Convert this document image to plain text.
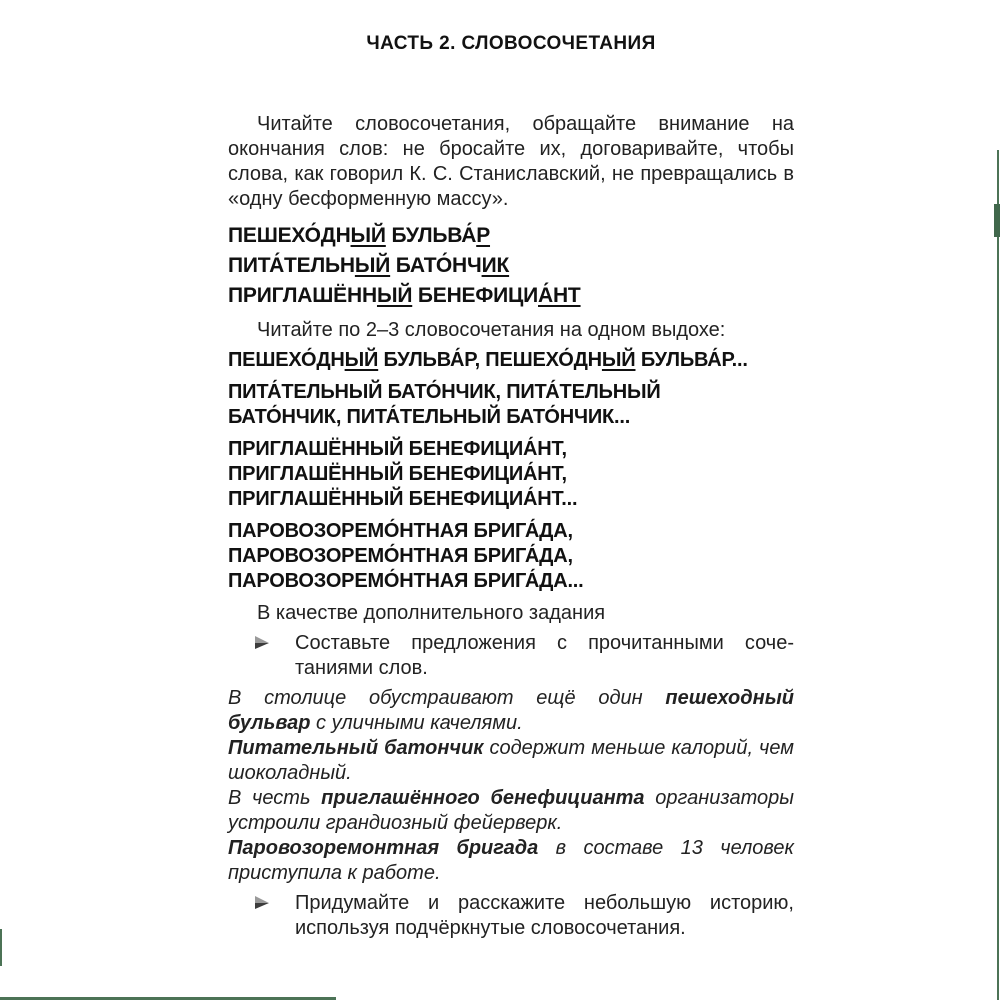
ЧАСТЬ 2. СЛОВОСОЧЕТАНИЯ

Читайте словосочетания, обращайте внимание на окончания слов: не бросайте их, договаривайте, чтобы слова, как говорил К. С. Станиславский, не превращались в «одну бесформенную массу».

ПЕШЕХО́ДНЫЙ БУЛЬВА́Р

ПИТА́ТЕЛЬНЫЙ БАТО́НЧИК

ПРИГЛАШЁННЫЙ БЕНЕФИЦИА́НТ

Читайте по 2–3 словосочетания на одном выдохе:

ПЕШЕХО́ДНЫЙ БУЛЬВА́Р, ПЕШЕХО́ДНЫЙ БУЛЬВА́Р...

ПИТА́ТЕЛЬНЫЙ БАТО́НЧИК, ПИТА́ТЕЛЬНЫЙ

БАТО́НЧИК, ПИТА́ТЕЛЬНЫЙ БАТО́НЧИК...

ПРИГЛАШЁННЫЙ БЕНЕФИЦИА́НТ,

ПРИГЛАШЁННЫЙ БЕНЕФИЦИА́НТ,

ПРИГЛАШЁННЫЙ БЕНЕФИЦИА́НТ...

ПАРОВОЗОРЕМО́НТНАЯ БРИГА́ДА,

ПАРОВОЗОРЕМО́НТНАЯ БРИГА́ДА,

ПАРОВОЗОРЕМО́НТНАЯ БРИГА́ДА...

В качестве дополнительного задания

Составьте предложения с прочитанными сочетаниями слов.

В столице обустраивают ещё один пешеходный бульвар с уличными качелями.

Питательный батончик содержит меньше калорий, чем шоколадный.

В честь приглашённого бенефицианта организаторы устроили грандиозный фейерверк.

Паровозоремонтная бригада в составе 13 человек приступила к работе.

Придумайте и расскажите небольшую историю, используя подчёркнутые словосочетания.
